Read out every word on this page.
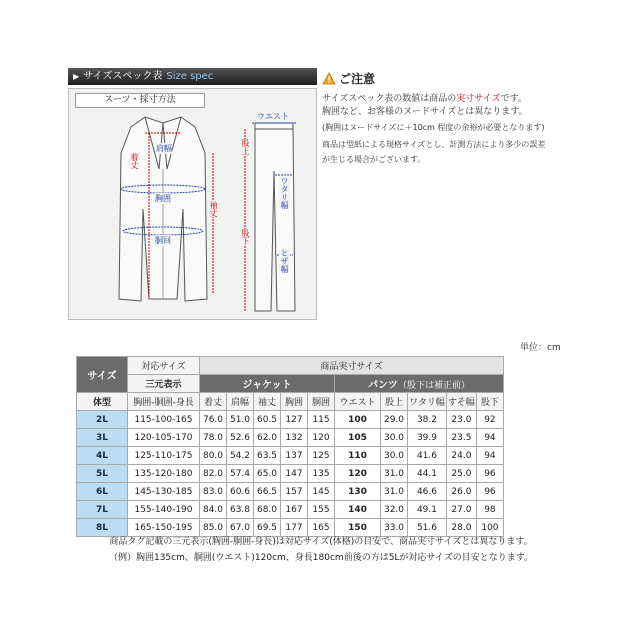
▶ サイズスペック表 Size spec
スーツ・採寸方法
ウエスト
肩幅
着丈
胸囲
袖丈
胴回
股上
ワタリ幅
股下
ヒザ幅
ご注意

サイズスペック表の数値は商品の実寸サイズです。

胸囲など、お客様のヌードサイズとは異なります。

(胸囲はヌードサイズに＋10cm 程度の余裕が必要となります)

商品は型紙による規格サイズとし、計測方法により多少の誤差

が生じる場合がございます。

単位：cm
サイズ	対応サイズ	商品実寸サイズ									
	三元表示	ジャケット					パンツ（股下は補正前）				
体型	胸囲-胴囲-身長	着丈	肩幅	袖丈	胸囲	胴囲	ウエスト	股上	ワタリ幅	すそ幅	股下
2L	115-100-165	76.0	51.0	60.5	127	115	100	29.0	38.2	23.0	92
3L	120-105-170	78.0	52.6	62.0	132	120	105	30.0	39.9	23.5	94
4L	125-110-175	80.0	54.2	63.5	137	125	110	30.0	41.6	24.0	94
5L	135-120-180	82.0	57.4	65.0	147	135	120	31.0	44.1	25.0	96
6L	145-130-185	83.0	60.6	66.5	157	145	130	31.0	46.6	26.0	96
7L	155-140-190	84.0	63.8	68.0	167	155	140	32.0	49.1	27.0	98
8L	165-150-195	85.0	67.0	69.5	177	165	150	33.0	51.6	28.0	100
商品タグ記載の三元表示(胸囲-胴囲-身長)は対応サイズ(体格)の目安で、商品実寸サイズとは異なります。
（例）胸囲135cm、胴囲(ウエスト)120cm、身長180cm前後の方は5Lが対応サイズの目安となります。
